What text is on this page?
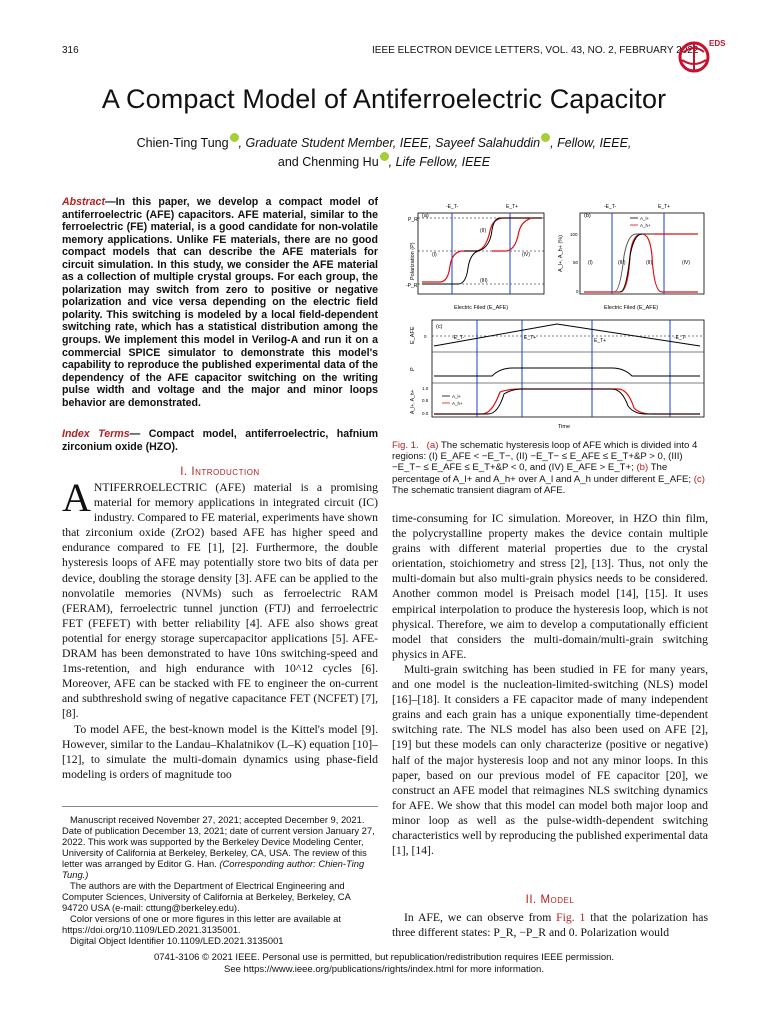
316	IEEE ELECTRON DEVICE LETTERS, VOL. 43, NO. 2, FEBRUARY 2022
EDS
A Compact Model of Antiferroelectric Capacitor
Chien-Ting Tung , Graduate Student Member, IEEE, Sayeef Salahuddin , Fellow, IEEE,
and Chenming Hu , Life Fellow, IEEE
Abstract—In this paper, we develop a compact model of antiferroelectric (AFE) capacitors. AFE material, similar to the ferroelectric (FE) material, is a good candidate for non-volatile memory applications. Unlike FE materials, there are no good compact models that can describe the AFE materials for circuit simulation. In this study, we consider the AFE material as a collection of multiple crystal groups. For each group, the polarization may switch from zero to positive or negative polarization and vice versa depending on the electric field polarity. This switching is modeled by a local field-dependent switching rate, which has a statistical distribution among the groups. We implement this model in Verilog-A and run it on a commercial SPICE simulator to demonstrate this model's capability to reproduce the published experimental data of the dependency of the AFE capacitor switching on the writing pulse width and voltage and the major and minor loops behavior are demonstrated.
Index Terms— Compact model, antiferroelectric, hafnium zirconium oxide (HZO).
I. Introduction

ANTIFERROELECTRIC (AFE) material is a promising material for memory applications in integrated circuit (IC) industry. Compared to FE material, experiments have shown that zirconium oxide (ZrO2) based AFE has higher speed and endurance compared to FE [1], [2]. Furthermore, the double hysteresis loops of AFE may potentially store two bits of data per device, doubling the storage density [3]. AFE can be applied to the nonvolatile memories (NVMs) such as ferroelectric RAM (FERAM), ferroelectric tunnel junction (FTJ) and ferroelectric FET (FEFET) with better reliability [4]. AFE also shows great potential for energy storage supercapacitor applications [5]. AFE-DRAM has been demonstrated to have 10ns switching-speed and 1ms-retention, and high endurance with 10^12 cycles [6]. Moreover, AFE can be stacked with FE to engineer the on-current and subthreshold swing of negative capacitance FET (NCFET) [7], [8].

To model AFE, the best-known model is the Kittel's model [9]. However, similar to the Landau–Khalatnikov (L–K) equation [10]–[12], to simulate the multi-domain dynamics using phase-field modeling is orders of magnitude too

Manuscript received November 27, 2021; accepted December 9, 2021. Date of publication December 13, 2021; date of current version January 27, 2022. This work was supported by the Berkeley Device Modeling Center, University of California at Berkeley, Berkeley, CA, USA. The review of this letter was arranged by Editor G. Han. (Corresponding author: Chien-Ting Tung.)

The authors are with the Department of Electrical Engineering and Computer Sciences, University of California at Berkeley, Berkeley, CA 94720 USA (e-mail: cttung@berkeley.edu).

Color versions of one or more figures in this letter are available at https://doi.org/10.1109/LED.2021.3135001.

Digital Object Identifier 10.1109/LED.2021.3135001

(a)
P_R
-P_R
-E_T-	E_T+
(I)
(II)
(III)
(IV)
Electric Filed (E_AFE)
Polarization (P)
(b)
100
50
0
-E_T-	E_T+
(I)	(III)	(II)	(IV)
A_l+
A_h+
Electric Filed (E_AFE)
A_l+, A_h+ (%)
(c)
-E_T-	E_T+	E_T+	-E_T-
0
1.0
0.5
0.0
A_l+
A_h+
Time
E_AFE
P
A_l+, A_h+
Fig. 1. (a) The schematic hysteresis loop of AFE which is divided into 4 regions: (I) E_AFE < −E_T−, (II) −E_T− ≤ E_AFE ≤ E_T+&P > 0, (III) −E_T− ≤ E_AFE ≤ E_T+&P < 0, and (IV) E_AFE > E_T+; (b) The percentage of A_l+ and A_h+ over A_l and A_h under different E_AFE; (c) The schematic transient diagram of AFE.

time-consuming for IC simulation. Moreover, in HZO thin film, the polycrystalline property makes the device contain multiple grains with different material properties due to the crystal orientation, stoichiometry and stress [2], [13]. Thus, not only the multi-domain but also multi-grain physics needs to be considered. Another common model is Preisach model [14], [15]. It uses empirical interpolation to produce the hysteresis loop, which is not physical. Therefore, we aim to develop a computationally efficient model that considers the multi-domain/multi-grain switching physics in AFE.

Multi-grain switching has been studied in FE for many years, and one model is the nucleation-limited-switching (NLS) model [16]–[18]. It considers a FE capacitor made of many independent grains and each grain has a unique exponentially time-dependent switching rate. The NLS model has also been used on AFE [2], [19] but these models can only characterize (positive or negative) half of the major hysteresis loop and not any minor loops. In this paper, based on our previous model of FE capacitor [20], we construct an AFE model that reimagines NLS switching dynamics for AFE. We show that this model can model both major loop and minor loop as well as the pulse-width-dependent switching characteristics well by reproducing the published experimental data [1], [14].

II. Model

In AFE, we can observe from Fig. 1 that the polarization has three different states: P_R, −P_R and 0. Polarization would

0741-3106 © 2021 IEEE. Personal use is permitted, but republication/redistribution requires IEEE permission.
See https://www.ieee.org/publications/rights/index.html for more information.
